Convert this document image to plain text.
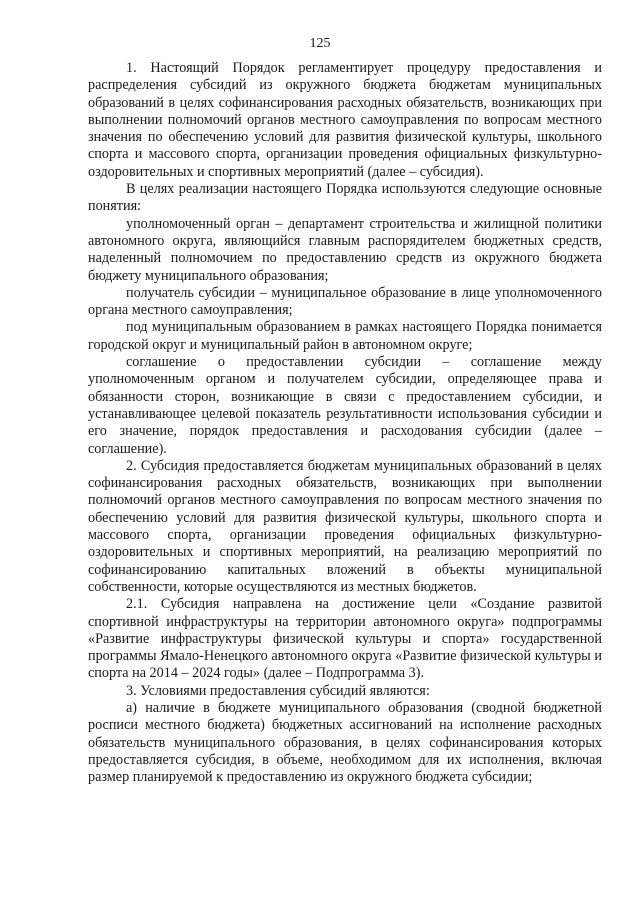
125

1. Настоящий Порядок регламентирует процедуру предоставления и распределения субсидий из окружного бюджета бюджетам муниципальных образований в целях софинансирования расходных обязательств, возникающих при выполнении полномочий органов местного самоуправления по вопросам местного значения по обеспечению условий для развития физической культуры, школьного спорта и массового спорта, организации проведения официальных физкультурно-оздоровительных и спортивных мероприятий (далее – субсидия).

В целях реализации настоящего Порядка используются следующие основные понятия:

уполномоченный орган – департамент строительства и жилищной политики автономного округа, являющийся главным распорядителем бюджетных средств, наделенный полномочием по предоставлению средств из окружного бюджета бюджету муниципального образования;

получатель субсидии – муниципальное образование в лице уполномоченного органа местного самоуправления;

под муниципальным образованием в рамках настоящего Порядка понимается городской округ и муниципальный район в автономном округе;

соглашение о предоставлении субсидии – соглашение между уполномоченным органом и получателем субсидии, определяющее права и обязанности сторон, возникающие в связи с предоставлением субсидии, и устанавливающее целевой показатель результативности использования субсидии и его значение, порядок предоставления и расходования субсидии (далее – соглашение).

2. Субсидия предоставляется бюджетам муниципальных образований в целях софинансирования расходных обязательств, возникающих при выполнении полномочий органов местного самоуправления по вопросам местного значения по обеспечению условий для развития физической культуры, школьного спорта и массового спорта, организации проведения официальных физкультурно-оздоровительных и спортивных мероприятий, на реализацию мероприятий по софинансированию капитальных вложений в объекты муниципальной собственности, которые осуществляются из местных бюджетов.

2.1. Субсидия направлена на достижение цели «Создание развитой спортивной инфраструктуры на территории автономного округа» подпрограммы «Развитие инфраструктуры физической культуры и спорта» государственной программы Ямало-Ненецкого автономного округа «Развитие физической культуры и спорта на 2014 – 2024 годы» (далее – Подпрограмма 3).

3. Условиями предоставления субсидий являются:

а) наличие в бюджете муниципального образования (сводной бюджетной росписи местного бюджета) бюджетных ассигнований на исполнение расходных обязательств муниципального образования, в целях софинансирования которых предоставляется субсидия, в объеме, необходимом для их исполнения, включая размер планируемой к предоставлению из окружного бюджета субсидии;
